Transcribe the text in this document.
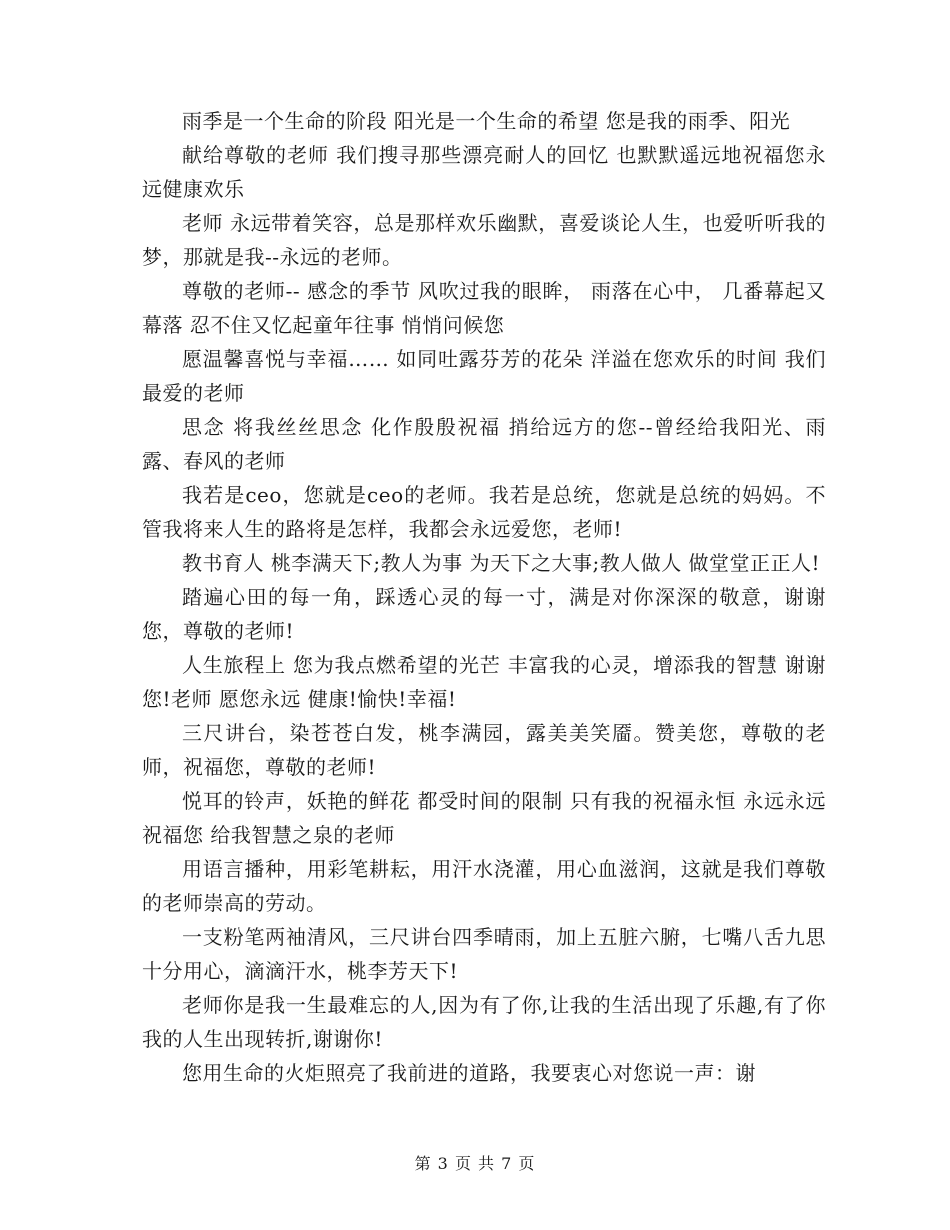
雨季是一个生命的阶段 阳光是一个生命的希望 您是我的雨季、阳光

献给尊敬的老师 我们搜寻那些漂亮耐人的回忆 也默默遥远地祝福您永远健康欢乐

老师 永远带着笑容，总是那样欢乐幽默，喜爱谈论人生，也爱听听我的梦，那就是我--永远的老师。

尊敬的老师-- 感念的季节 风吹过我的眼眸， 雨落在心中， 几番幕起又幕落 忍不住又忆起童年往事 悄悄问候您

愿温馨喜悦与幸福…… 如同吐露芬芳的花朵 洋溢在您欢乐的时间 我们最爱的老师

思念 将我丝丝思念 化作殷殷祝福 捎给远方的您--曾经给我阳光、雨露、春风的老师

我若是ceo，您就是ceo的老师。我若是总统，您就是总统的妈妈。不管我将来人生的路将是怎样，我都会永远爱您，老师!

教书育人 桃李满天下;教人为事 为天下之大事;教人做人 做堂堂正正人!

踏遍心田的每一角，踩透心灵的每一寸，满是对你深深的敬意，谢谢您，尊敬的老师!

人生旅程上 您为我点燃希望的光芒 丰富我的心灵，增添我的智慧 谢谢您!老师 愿您永远 健康!愉快!幸福!

三尺讲台，染苍苍白发，桃李满园，露美美笑靥。赞美您，尊敬的老师，祝福您，尊敬的老师!

悦耳的铃声，妖艳的鲜花 都受时间的限制 只有我的祝福永恒 永远永远祝福您 给我智慧之泉的老师

用语言播种，用彩笔耕耘，用汗水浇灌，用心血滋润，这就是我们尊敬的老师崇高的劳动。

一支粉笔两袖清风，三尺讲台四季晴雨，加上五脏六腑，七嘴八舌九思十分用心，滴滴汗水，桃李芳天下!

老师你是我一生最难忘的人,因为有了你,让我的生活出现了乐趣,有了你我的人生出现转折,谢谢你!

您用生命的火炬照亮了我前进的道路，我要衷心对您说一声：谢

第 3 页 共 7 页
